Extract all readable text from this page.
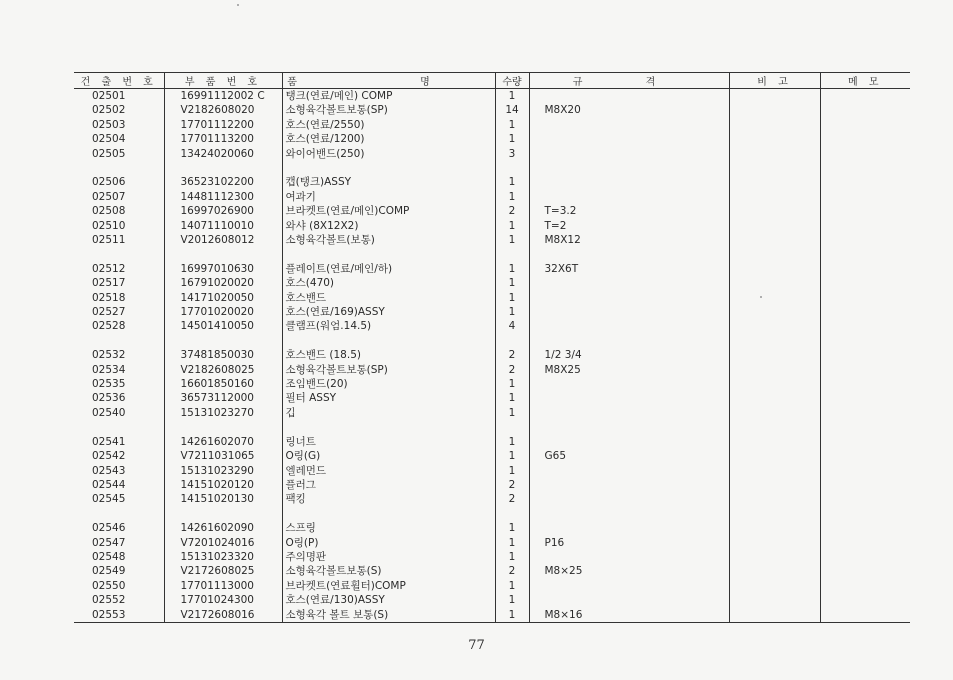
건 출 번 호	부 품 번 호	품 명	수량	규 격	비 고	메 모
02501	16991112002 C	탱크(연료/메인) COMP	1			
02502	V2182608020	소형육각볼트보통(SP)	14	M8X20		
02503	17701112200	호스(연료/2550)	1			
02504	17701113200	호스(연료/1200)	1			
02505	13424020060	와이어밴드(250)	3			

02506	36523102200	캡(탱크)ASSY	1			
02507	14481112300	여과기	1			
02508	16997026900	브라켓트(연료/메인)COMP	2	T=3.2		
02510	14071110010	와샤 (8X12X2)	1	T=2		
02511	V2012608012	소형육각볼트(보통)	1	M8X12		

02512	16997010630	플레이트(연료/메인/하)	1	32X6T		
02517	16791020020	호스(470)	1			
02518	14171020050	호스밴드	1			
02527	17701020020	호스(연료/169)ASSY	1			
02528	14501410050	클램프(워엄.14.5)	4			

02532	37481850030	호스밴드 (18.5)	2	1/2 3/4		
02534	V2182608025	소형육각볼트보통(SP)	2	M8X25		
02535	16601850160	조임밴드(20)	1			
02536	36573112000	필터 ASSY	1			
02540	15131023270	깁	1			

02541	14261602070	링너트	1			
02542	V7211031065	O링(G)	1	G65		
02543	15131023290	엘레먼드	1			
02544	14151020120	플러그	2			
02545	14151020130	팩킹	2			

02546	14261602090	스프링	1			
02547	V7201024016	O링(P)	1	P16		
02548	15131023320	주의명판	1			
02549	V2172608025	소형육각볼트보통(S)	2	M8×25		
02550	17701113000	브라켓트(연료휠터)COMP	1			
02552	17701024300	호스(연료/130)ASSY	1			
02553	V2172608016	소형육각 볼트 보통(S)	1	M8×16		
77
